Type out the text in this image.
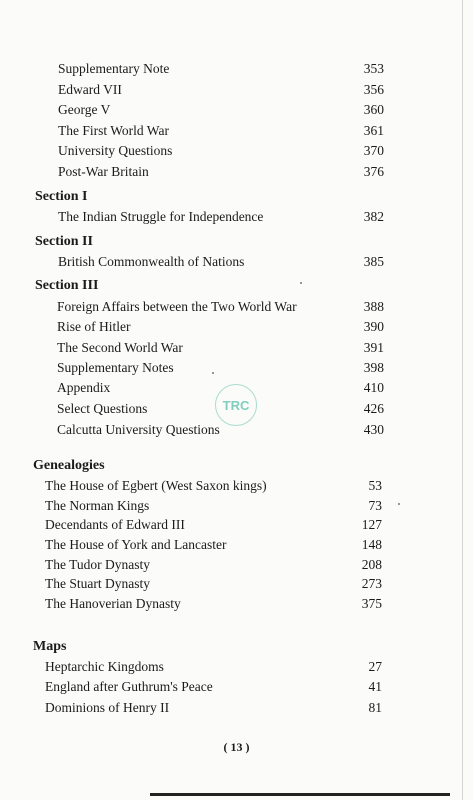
Supplementary Note	353
Edward VII	356
George V	360
The First World War	361
University Questions	370
Post-War Britain	376
Section I
The Indian Struggle for Independence	382
Section II
British Commonwealth of Nations	385
Section III
Foreign Affairs between the Two World War	388
Rise of Hitler	390
The Second World War	391
Supplementary Notes	398
Appendix	410
Select Questions	426
Calcutta University Questions	430
TRC
Genealogies
The House of Egbert (West Saxon kings)	53
The Norman Kings	73
Decendants of Edward III	127
The House of York and Lancaster	148
The Tudor Dynasty	208
The Stuart Dynasty	273
The Hanoverian Dynasty	375
Maps
Heptarchic Kingdoms	27
England after Guthrum's Peace	41
Dominions of Henry II	81
( 13 )
